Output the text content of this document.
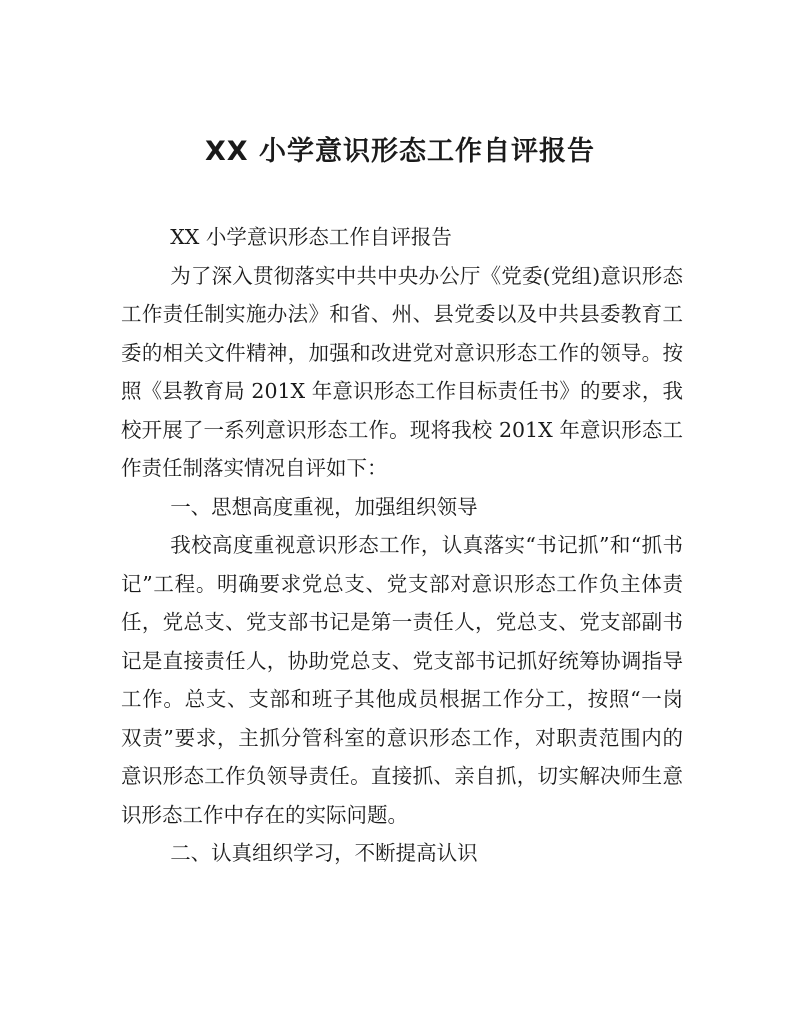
XX 小学意识形态工作自评报告

XX 小学意识形态工作自评报告

为了深入贯彻落实中共中央办公厅《党委(党组)意识形态工作责任制实施办法》和省、州、县党委以及中共县委教育工委的相关文件精神，加强和改进党对意识形态工作的领导。按照《县教育局 201X 年意识形态工作目标责任书》的要求，我校开展了一系列意识形态工作。现将我校 201X 年意识形态工作责任制落实情况自评如下：

一、思想高度重视，加强组织领导

我校高度重视意识形态工作，认真落实“书记抓”和“抓书记”工程。明确要求党总支、党支部对意识形态工作负主体责任，党总支、党支部书记是第一责任人，党总支、党支部副书记是直接责任人，协助党总支、党支部书记抓好统筹协调指导工作。总支、支部和班子其他成员根据工作分工，按照“一岗双责”要求，主抓分管科室的意识形态工作，对职责范围内的意识形态工作负领导责任。直接抓、亲自抓，切实解决师生意识形态工作中存在的实际问题。

二、认真组织学习，不断提高认识
